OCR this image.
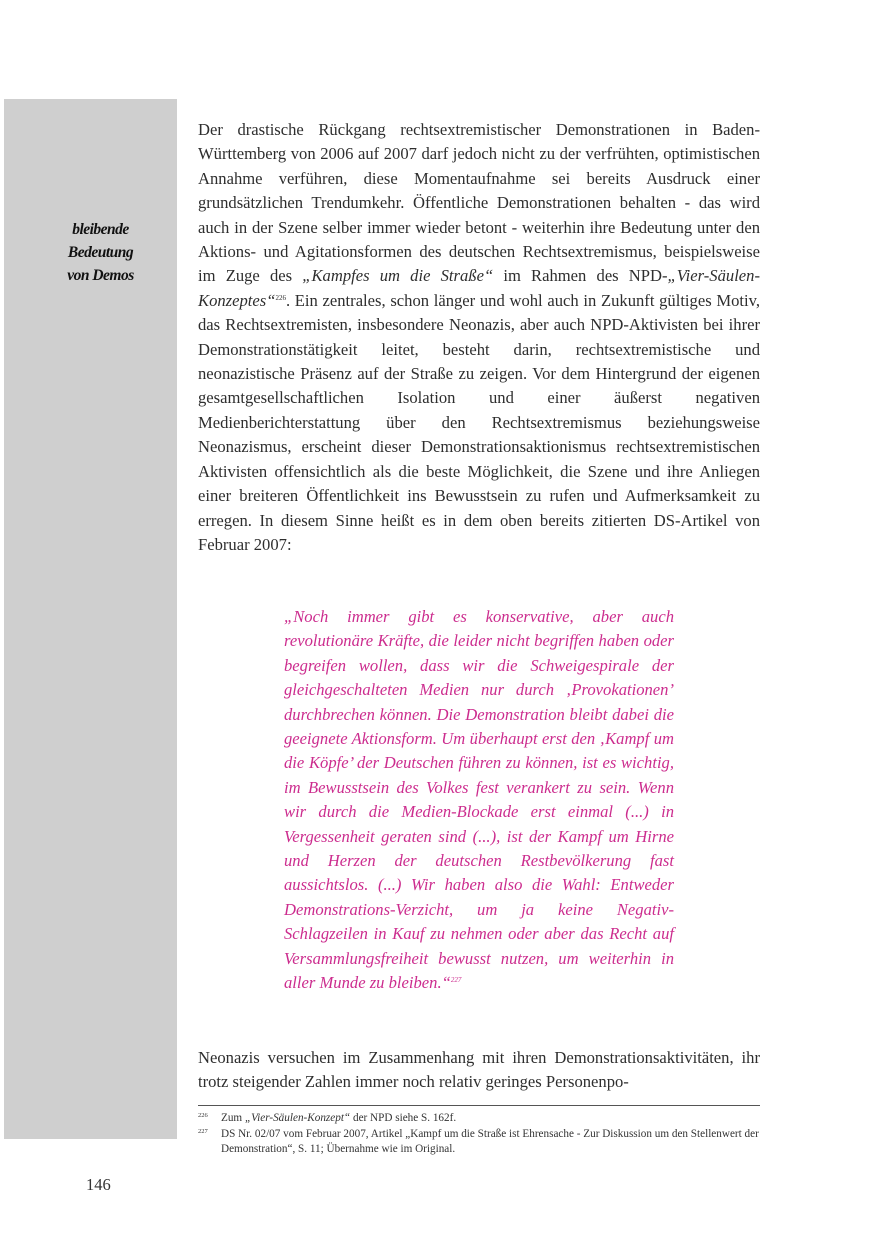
bleibende
Bedeutung
von Demos

Der drastische Rückgang rechtsextremistischer Demonstrationen in Baden-Württemberg von 2006 auf 2007 darf jedoch nicht zu der verfrühten, optimistischen Annahme verführen, diese Momentaufnahme sei bereits Ausdruck einer grundsätzlichen Trendumkehr. Öffentliche Demonstrationen behalten - das wird auch in der Szene selber immer wieder betont - weiterhin ihre Bedeutung unter den Aktions- und Agitationsformen des deutschen Rechtsextremismus, beispielsweise im Zuge des „Kampfes um die Straße“ im Rahmen des NPD-„Vier-Säulen-Konzeptes“$^{226}$. Ein zentrales, schon länger und wohl auch in Zukunft gültiges Motiv, das Rechtsextremisten, insbesondere Neonazis, aber auch NPD-Aktivisten bei ihrer Demonstrationstätigkeit leitet, besteht darin, rechtsextremistische und neonazistische Präsenz auf der Straße zu zeigen. Vor dem Hintergrund der eigenen gesamtgesellschaftlichen Isolation und einer äußerst negativen Medienberichterstattung über den Rechtsextremismus beziehungsweise Neonazismus, erscheint dieser Demonstrationsaktionismus rechtsextremistischen Aktivisten offensichtlich als die beste Möglichkeit, die Szene und ihre Anliegen einer breiteren Öffentlichkeit ins Bewusstsein zu rufen und Aufmerksamkeit zu erregen. In diesem Sinne heißt es in dem oben bereits zitierten DS-Artikel von Februar 2007:

„Noch immer gibt es konservative, aber auch revolutionäre Kräfte, die leider nicht begriffen haben oder begreifen wollen, dass wir die Schweigespirale der gleichgeschalteten Medien nur durch ‚Provokationen’ durchbrechen können. Die Demonstration bleibt dabei die geeignete Aktionsform. Um überhaupt erst den ‚Kampf um die Köpfe’ der Deutschen führen zu können, ist es wichtig, im Bewusstsein des Volkes fest verankert zu sein. Wenn wir durch die Medien-Blockade erst einmal (...) in Vergessenheit geraten sind (...), ist der Kampf um Hirne und Herzen der deutschen Restbevölkerung fast aussichtslos. (...) Wir haben also die Wahl: Entweder Demonstrations-Verzicht, um ja keine Negativ-Schlagzeilen in Kauf zu nehmen oder aber das Recht auf Versammlungsfreiheit bewusst nutzen, um weiterhin in aller Munde zu bleiben.“$^{227}$

Neonazis versuchen im Zusammenhang mit ihren Demonstrationsaktivitäten, ihr trotz steigender Zahlen immer noch relativ geringes Personenpo-

226 Zum „Vier-Säulen-Konzept“ der NPD siehe S. 162f.
227 DS Nr. 02/07 vom Februar 2007, Artikel „Kampf um die Straße ist Ehrensache - Zur Diskussion um den Stellenwert der Demonstration“, S. 11; Übernahme wie im Original.
146
